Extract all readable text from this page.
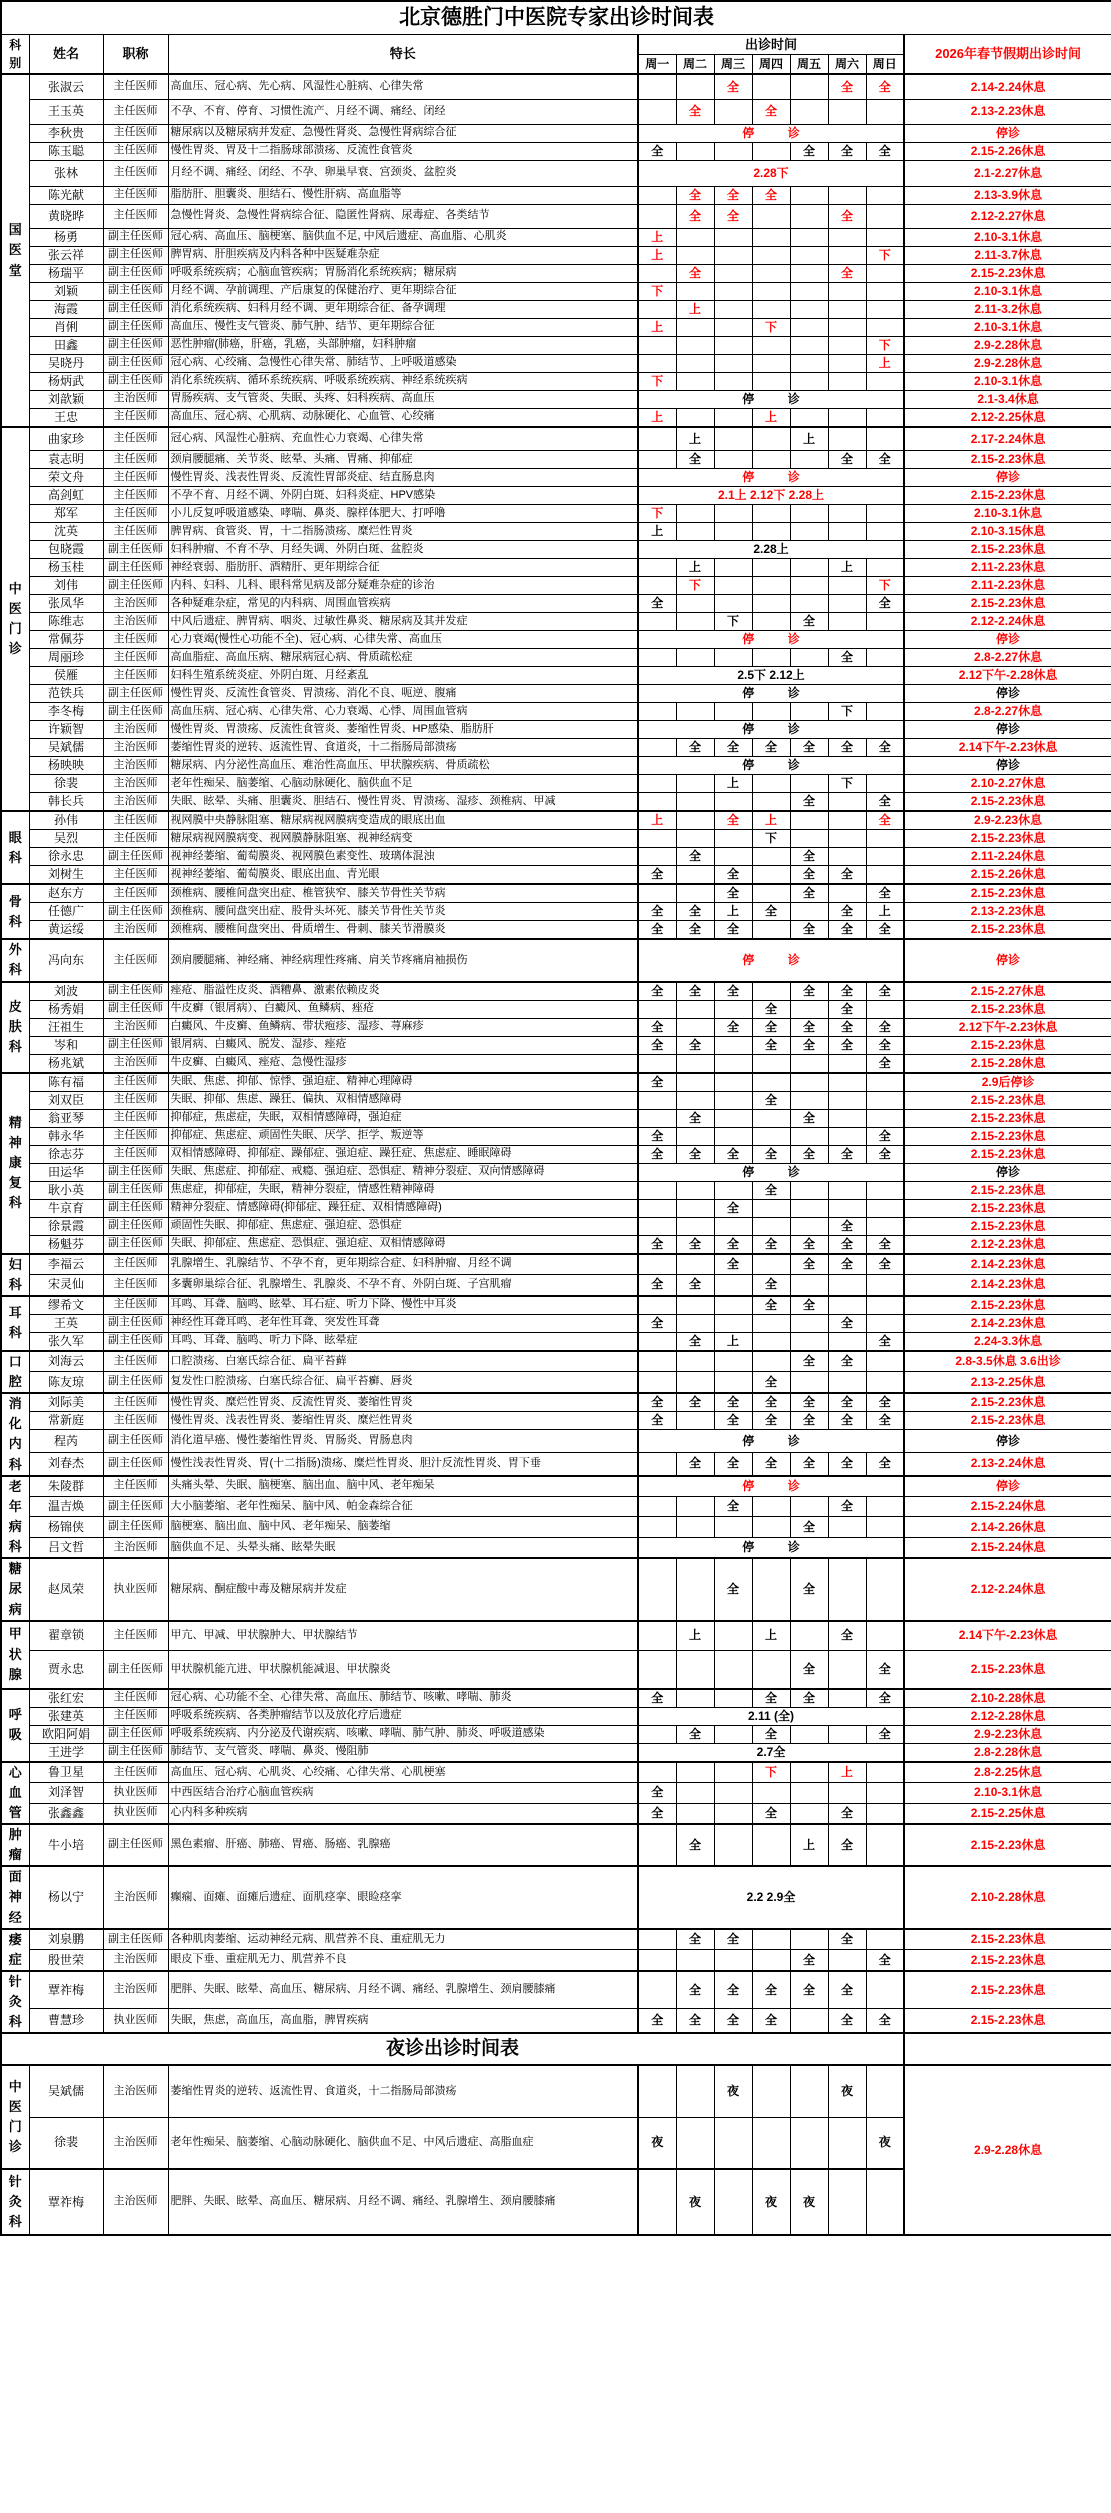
北京德胜门中医院专家出诊时间表											
科别	姓名	职称	特长	出诊时间							2026年春节假期出诊时间
				周一	周二	周三	周四	周五	周六	周日	
国医堂	张淑云	主任医师	高血压、冠心病、先心病、风湿性心脏病、心律失常			全			全	全	2.14-2.24休息
	王玉英	主任医师	不孕、不育、停育、习惯性流产、月经不调、痛经、闭经		全		全				2.13-2.23休息
	李秋贵	主任医师	糖尿病以及糖尿病并发症、急慢性肾炎、急慢性肾病综合征	停诊							停诊
	陈玉聪	主任医师	慢性胃炎、胃及十二指肠球部溃疡、反流性食管炎	全				全	全	全	2.15-2.26休息
	张林	主任医师	月经不调、痛经、闭经、不孕、卵巢早衰、宫颈炎、盆腔炎	2.28下							2.1-2.27休息
	陈光献	主任医师	脂肪肝、胆囊炎、胆结石、慢性肝病、高血脂等		全	全	全				2.13-3.9休息
	黄晓晔	主任医师	急慢性肾炎、急慢性肾病综合征、隐匿性肾病、尿毒症、各类结节		全	全			全		2.12-2.27休息
	杨勇	副主任医师	冠心病、高血压、脑梗塞、脑供血不足, 中风后遗症、高血脂、心肌炎	上							2.10-3.1休息
	张云祥	副主任医师	脾胃病、肝胆疾病及内科各种中医疑难杂症	上						下	2.11-3.7休息
	杨瑞平	副主任医师	呼吸系统疾病；心脑血管疾病；胃肠消化系统疾病；糖尿病		全				全		2.15-2.23休息
	刘颖	副主任医师	月经不调、孕前调理、产后康复的保健治疗、更年期综合征	下							2.10-3.1休息
	海霞	副主任医师	消化系统疾病、妇科月经不调、更年期综合征、备孕调理		上						2.11-3.2休息
	肖俐	副主任医师	高血压、慢性支气管炎、肺气肿、结节、更年期综合征	上			下				2.10-3.1休息
	田鑫	副主任医师	恶性肿瘤(肺癌，肝癌，乳癌，头部肿瘤，妇科肿瘤							下	2.9-2.28休息
	吴晓丹	副主任医师	冠心病、心绞痛、急慢性心律失常、肺结节、上呼吸道感染							上	2.9-2.28休息
	杨炳武	副主任医师	消化系统疾病、循环系统疾病、呼吸系统疾病、神经系统疾病	下							2.10-3.1休息
	刘歆颖	主治医师	胃肠疾病、支气管炎、失眠、头疼、妇科疾病、高血压	停诊							2.1-3.4休息
	王忠	主任医师	高血压、冠心病、心肌病、动脉硬化、心血管、心绞痛	上			上				2.12-2.25休息
中医门诊	曲家珍	主任医师	冠心病、风湿性心脏病、充血性心力衰竭、心律失常		上			上			2.17-2.24休息
	袁志明	主任医师	颈肩腰腿痛、关节炎、眩晕、头痛、胃痛、抑郁症		全				全	全	2.15-2.23休息
	荣文舟	主任医师	慢性胃炎、浅表性胃炎、反流性胃部炎症、结直肠息肉	停诊							停诊
	高剑虹	主任医师	不孕不育、月经不调、外阴白斑、妇科炎症、HPV感染	2.1上 2.12下 2.28上							2.15-2.23休息
	郑军	主任医师	小儿反复呼吸道感染、哮喘、鼻炎、腺样体肥大、打呼噜	下							2.10-3.1休息
	沈英	主任医师	脾胃病、食管炎、胃，十二指肠溃疡、糜烂性胃炎	上							2.10-3.15休息
	包晓霞	副主任医师	妇科肿瘤、不育不孕、月经失调、外阴白斑、盆腔炎	2.28上							2.15-2.23休息
	杨玉桂	副主任医师	神经衰弱、脂肪肝、酒精肝、更年期综合征		上				上		2.11-2.23休息
	刘伟	副主任医师	内科、妇科、儿科、眼科常见病及部分疑难杂症的诊治		下					下	2.11-2.23休息
	张凤华	主治医师	各种疑难杂症，常见的内科病、周围血管疾病	全						全	2.15-2.23休息
	陈维志	主治医师	中风后遗症、脾胃病、咽炎、过敏性鼻炎、糖尿病及其并发症			下		全			2.12-2.24休息
	常佩芬	主任医师	心力衰竭(慢性心功能不全)、冠心病、心律失常、高血压	停诊							停诊
	周丽珍	主任医师	高血脂症、高血压病、糖尿病冠心病、骨质疏松症						全		2.8-2.27休息
	侯雁	主任医师	妇科生殖系统炎症、外阴白斑、月经紊乱	2.5下 2.12上							2.12下午-2.28休息
	范铁兵	副主任医师	慢性胃炎、反流性食管炎、胃溃疡、消化不良、呃逆、腹痛	停诊							停诊
	李冬梅	副主任医师	高血压病、冠心病、心律失常、心力衰竭、心悸、周围血管病						下		2.8-2.27休息
	许颖智	主治医师	慢性胃炎、胃溃疡、反流性食管炎、萎缩性胃炎、HP感染、脂肪肝	停诊							停诊
	吴斌儒	主治医师	萎缩性胃炎的逆转、返流性胃、食道炎，十二指肠局部溃疡		全	全	全	全	全	全	2.14下午-2.23休息
	杨映映	主治医师	糖尿病、内分泌性高血压、难治性高血压、甲状腺疾病、骨质疏松	停诊							停诊
	徐裴	主治医师	老年性痴呆、脑萎缩、心脑动脉硬化、脑供血不足			上			下		2.10-2.27休息
	韩长兵	主治医师	失眠、眩晕、头痛、胆囊炎、胆结石、慢性胃炎、胃溃疡、湿疹、颈椎病、甲减					全		全	2.15-2.23休息
眼科	孙伟	主任医师	视网膜中央静脉阻塞、糖尿病视网膜病变造成的眼底出血	上		全	上			全	2.9-2.23休息
	吴烈	主任医师	糖尿病视网膜病变、视网膜静脉阻塞、视神经病变				下				2.15-2.23休息
	徐永忠	副主任医师	视神经萎缩、葡萄膜炎、视网膜色素变性、玻璃体混浊		全			全			2.11-2.24休息
	刘树生	主任医师	视神经萎缩、葡萄膜炎、眼底出血、青光眼	全		全		全	全		2.15-2.26休息
骨科	赵东方	主任医师	颈椎病、腰椎间盘突出症、椎管狭窄、膝关节骨性关节病			全		全		全	2.15-2.23休息
	任德广	副主任医师	颈椎病、腰间盘突出症、股骨头坏死、膝关节骨性关节炎	全	全	上	全		全	上	2.13-2.23休息
	黄运绥	主治医师	颈椎病、腰椎间盘突出、骨质增生、骨刺、膝关节滑膜炎	全	全	全		全	全	全	2.15-2.23休息
外科	冯向东	主任医师	颈肩腰腿痛、神经痛、神经病理性疼痛、肩关节疼痛肩袖损伤	停诊							停诊
皮肤科	刘波	副主任医师	痤疮、脂溢性皮炎、酒糟鼻、激素依赖皮炎	全	全	全		全	全	全	2.15-2.27休息
	杨秀娟	副主任医师	牛皮癣（银屑病）、白癜风、鱼鳞病、痤疮				全		全		2.15-2.23休息
	汪祖生	主治医师	白癜风、牛皮癣、鱼鳞病、带状疱疹、湿疹、荨麻疹	全		全	全	全	全	全	2.12下午-2.23休息
	岑和	副主任医师	银屑病、白癜风、脱发、湿疹、痤疮	全	全		全	全	全	全	2.15-2.23休息
	杨兆斌	主治医师	牛皮癣、白癜风、痤疮、急慢性湿疹							全	2.15-2.28休息
精神康复科	陈有福	主任医师	失眠、焦虑、抑郁、惊悸、强迫症、精神心理障碍	全							2.9后停诊
	刘双臣	主任医师	失眠、抑郁、焦虑、躁狂、偏执、双相情感障碍				全				2.15-2.23休息
	翁亚琴	主任医师	抑郁症，焦虑症，失眠，双相情感障碍，强迫症		全			全			2.15-2.23休息
	韩永华	主任医师	抑郁症、焦虑症、顽固性失眠、厌学、拒学、叛逆等	全						全	2.15-2.23休息
	徐志芬	主任医师	双相情感障碍、抑郁症、躁郁症、强迫症、躁狂症、焦虑症、睡眠障碍	全	全	全	全	全	全	全	2.15-2.23休息
	田运华	副主任医师	失眠、焦虑症、抑郁症、戒瘾、强迫症、恐惧症、精神分裂症、双向情感障碍	停诊							停诊
	耿小英	副主任医师	焦虑症，抑郁症，失眠，精神分裂症，情感性精神障碍				全				2.15-2.23休息
	牛京育	副主任医师	精神分裂症、情感障碍(抑郁症、躁狂症、双相情感障碍)			全					2.15-2.23休息
	徐景霞	副主任医师	顽固性失眠、抑郁症、焦虑症、强迫症、恐惧症						全		2.15-2.23休息
	杨魁芬	副主任医师	失眠、抑郁症、焦虑症、恐惧症、强迫症、双相情感障碍	全	全	全	全	全	全	全	2.12-2.23休息
妇科	李福云	主任医师	乳腺增生、乳腺结节、不孕不育，更年期综合症、妇科肿瘤、月经不调			全		全	全	全	2.14-2.23休息
	宋灵仙	主任医师	多囊卵巢综合征、乳腺增生、乳腺炎、不孕不育、外阴白斑、子宫肌瘤	全	全		全				2.14-2.23休息
耳科	缪希文	主任医师	耳鸣、耳聋、脑鸣、眩晕、耳石症、听力下降、慢性中耳炎				全	全			2.15-2.23休息
	王英	副主任医师	神经性耳聋耳鸣、老年性耳聋、突发性耳聋	全					全		2.14-2.23休息
	张久军	副主任医师	耳鸣、耳聋、脑鸣、听力下降、眩晕症		全	上				全	2.24-3.3休息
口腔	刘海云	主任医师	口腔溃疡、白塞氏综合征、扁平苔藓					全	全		2.8-3.5休息 3.6出诊
	陈友琼	副主任医师	复发性口腔溃疡、白塞氏综合征、扁平苔癣、唇炎				全				2.13-2.25休息
消化内科	刘际美	主任医师	慢性胃炎、糜烂性胃炎、反流性胃炎、萎缩性胃炎	全	全	全	全	全	全	全	2.15-2.23休息
	常新庭	主任医师	慢性胃炎、浅表性胃炎、萎缩性胃炎、糜烂性胃炎	全		全	全	全	全	全	2.15-2.23休息
	程芮	副主任医师	消化道早癌、慢性萎缩性胃炎、胃肠炎、胃肠息肉	停诊							停诊
	刘春杰	副主任医师	慢性浅表性胃炎、胃(十二指肠)溃疡、糜烂性胃炎、胆汁反流性胃炎、胃下垂		全	全	全	全	全	全	2.13-2.24休息
老年病科	朱陵群	主任医师	头痛头晕、失眠、脑梗塞、脑出血、脑中风、老年痴呆	停诊							停诊
	温吉焕	副主任医师	大小脑萎缩、老年性痴呆、脑中风、帕金森综合征			全			全		2.15-2.24休息
	杨锦侠	副主任医师	脑梗塞、脑出血、脑中风、老年痴呆、脑萎缩					全			2.14-2.26休息
	吕文哲	主治医师	脑供血不足、头晕头痛、眩晕失眠	停诊							2.15-2.24休息
糖尿病	赵凤荣	执业医师	糖尿病、酮症酸中毒及糖尿病并发症			全		全			2.12-2.24休息
甲状腺	翟章锁	主任医师	甲亢、甲减、甲状腺肿大、甲状腺结节		上		上		全		2.14下午-2.23休息
	贾永忠	副主任医师	甲状腺机能亢进、甲状腺机能减退、甲状腺炎					全		全	2.15-2.23休息
呼吸	张红宏	主任医师	冠心病、心功能不全、心律失常、高血压、肺结节、咳嗽、哮喘、肺炎	全			全	全		全	2.10-2.28休息
	张建英	主任医师	呼吸系统疾病、各类肿瘤结节以及放化疗后遗症	2.11 (全)							2.12-2.28休息
	欧阳阿娟	副主任医师	呼吸系统疾病、内分泌及代谢疾病、咳嗽、哮喘、肺气肿、肺炎、呼吸道感染		全		全			全	2.9-2.23休息
	王进学	副主任医师	肺结节、支气管炎、哮喘、鼻炎、慢阻肺	2.7全							2.8-2.28休息
心血管	鲁卫星	主任医师	高血压、冠心病、心肌炎、心绞痛、心律失常、心肌梗塞				下		上		2.8-2.25休息
	刘泽智	执业医师	中西医结合治疗心脑血管疾病	全							2.10-3.1休息
	张鑫鑫	执业医师	心内科多种疾病	全			全		全		2.15-2.25休息
肿瘤	牛小培	副主任医师	黑色素瘤、肝癌、肺癌、胃癌、肠癌、乳腺癌		全			上	全		2.15-2.23休息
面神经	杨以宁	主治医师	癫痫、面瘫、面瘫后遗症、面肌痉挛、眼睑痉挛	2.2 2.9全							2.10-2.28休息
痿症	刘泉鹏	副主任医师	各种肌肉萎缩、运动神经元病、肌营养不良、重症肌无力		全	全			全		2.15-2.23休息
	殷世荣	主治医师	眼皮下垂、重症肌无力、肌营养不良					全		全	2.15-2.23休息
针灸科	覃祚梅	主治医师	肥胖、失眠、眩晕、高血压、糖尿病、月经不调、痛经、乳腺增生、颈肩腰膝痛		全	全	全	全	全		2.15-2.23休息
	曹慧珍	执业医师	失眠，焦虑，高血压，高血脂，脾胃疾病	全	全	全	全		全	全	2.15-2.23休息
夜诊出诊时间表											
中医门诊	吴斌儒	主治医师	萎缩性胃炎的逆转、返流性胃、食道炎，十二指肠局部溃疡			夜			夜		2.9-2.28休息
	徐裴	主治医师	老年性痴呆、脑萎缩、心脑动脉硬化、脑供血不足、中风后遗症、高脂血症	夜						夜	
针灸科	覃祚梅	主治医师	肥胖、失眠、眩晕、高血压、糖尿病、月经不调、痛经、乳腺增生、颈肩腰膝痛		夜		夜	夜			
